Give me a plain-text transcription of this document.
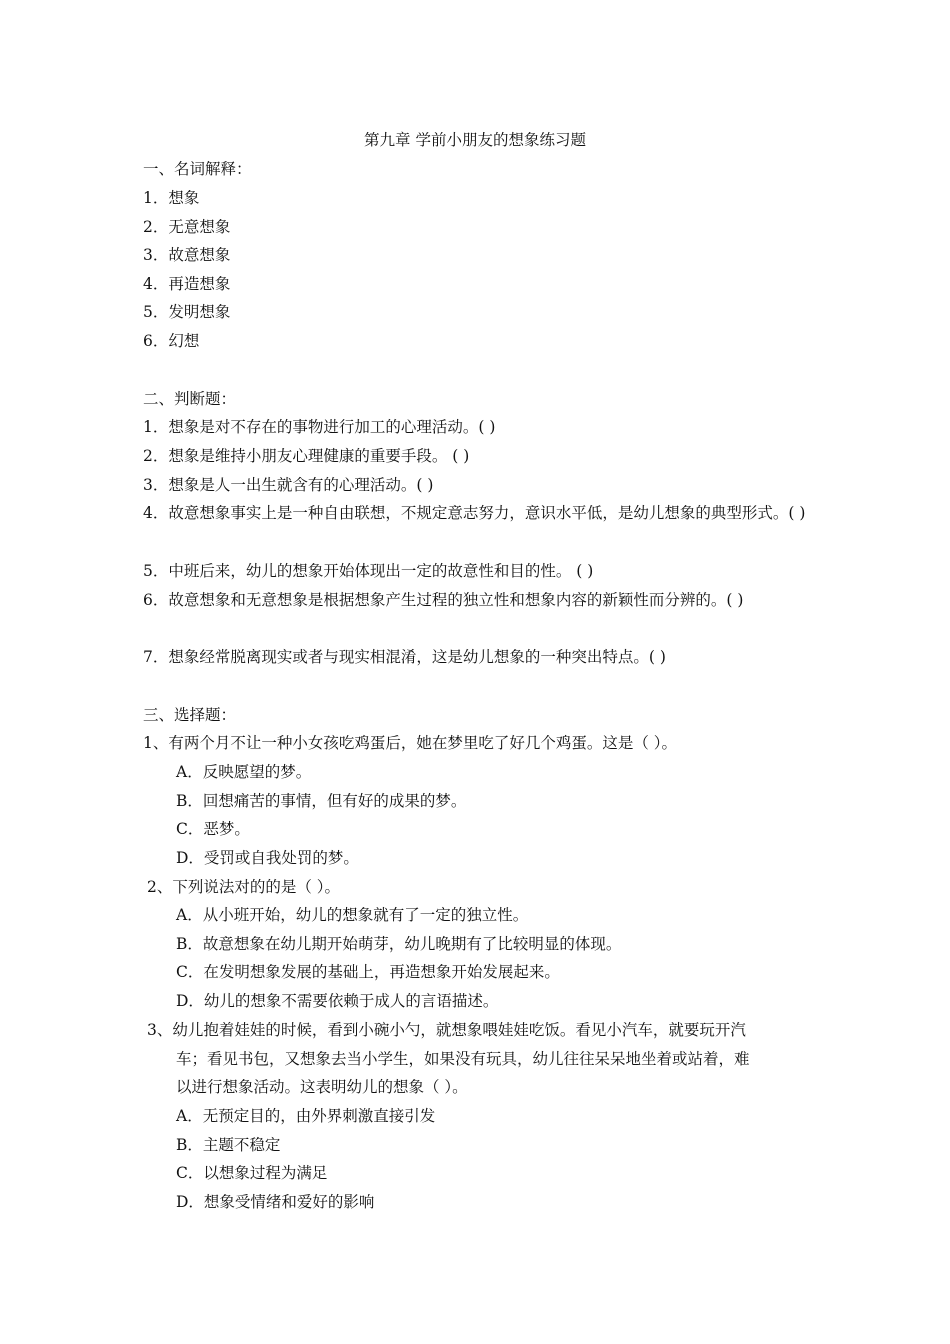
第九章 学前小朋友的想象练习题
一、名词解释：
1．想象
2．无意想象
3．故意想象
4．再造想象
5．发明想象
6．幻想
二、判断题：
1．想象是对不存在的事物进行加工的心理活动。( )
2．想象是维持小朋友心理健康的重要手段。 ( )
3．想象是人一出生就含有的心理活动。( )
4．故意想象事实上是一种自由联想，不规定意志努力，意识水平低，是幼儿想象的典型形式。( )
5．中班后来，幼儿的想象开始体现出一定的故意性和目的性。 ( )
6．故意想象和无意想象是根据想象产生过程的独立性和想象内容的新颖性而分辨的。( )
7．想象经常脱离现实或者与现实相混淆，这是幼儿想象的一种突出特点。( )
三、选择题：
1、有两个月不让一种小女孩吃鸡蛋后，她在梦里吃了好几个鸡蛋。这是（ ）。
A．反映愿望的梦。
B．回想痛苦的事情，但有好的成果的梦。
C．恶梦。
D．受罚或自我处罚的梦。
2、下列说法对的的是（ ）。
A．从小班开始，幼儿的想象就有了一定的独立性。
B．故意想象在幼儿期开始萌芽，幼儿晚期有了比较明显的体现。
C．在发明想象发展的基础上，再造想象开始发展起来。
D．幼儿的想象不需要依赖于成人的言语描述。
3、幼儿抱着娃娃的时候，看到小碗小勺，就想象喂娃娃吃饭。看见小汽车，就要玩开汽
车；看见书包，又想象去当小学生，如果没有玩具，幼儿往往呆呆地坐着或站着，难
以进行想象活动。这表明幼儿的想象（ ）。
A．无预定目的，由外界刺激直接引发
B．主题不稳定
C．以想象过程为满足
D．想象受情绪和爱好的影响
